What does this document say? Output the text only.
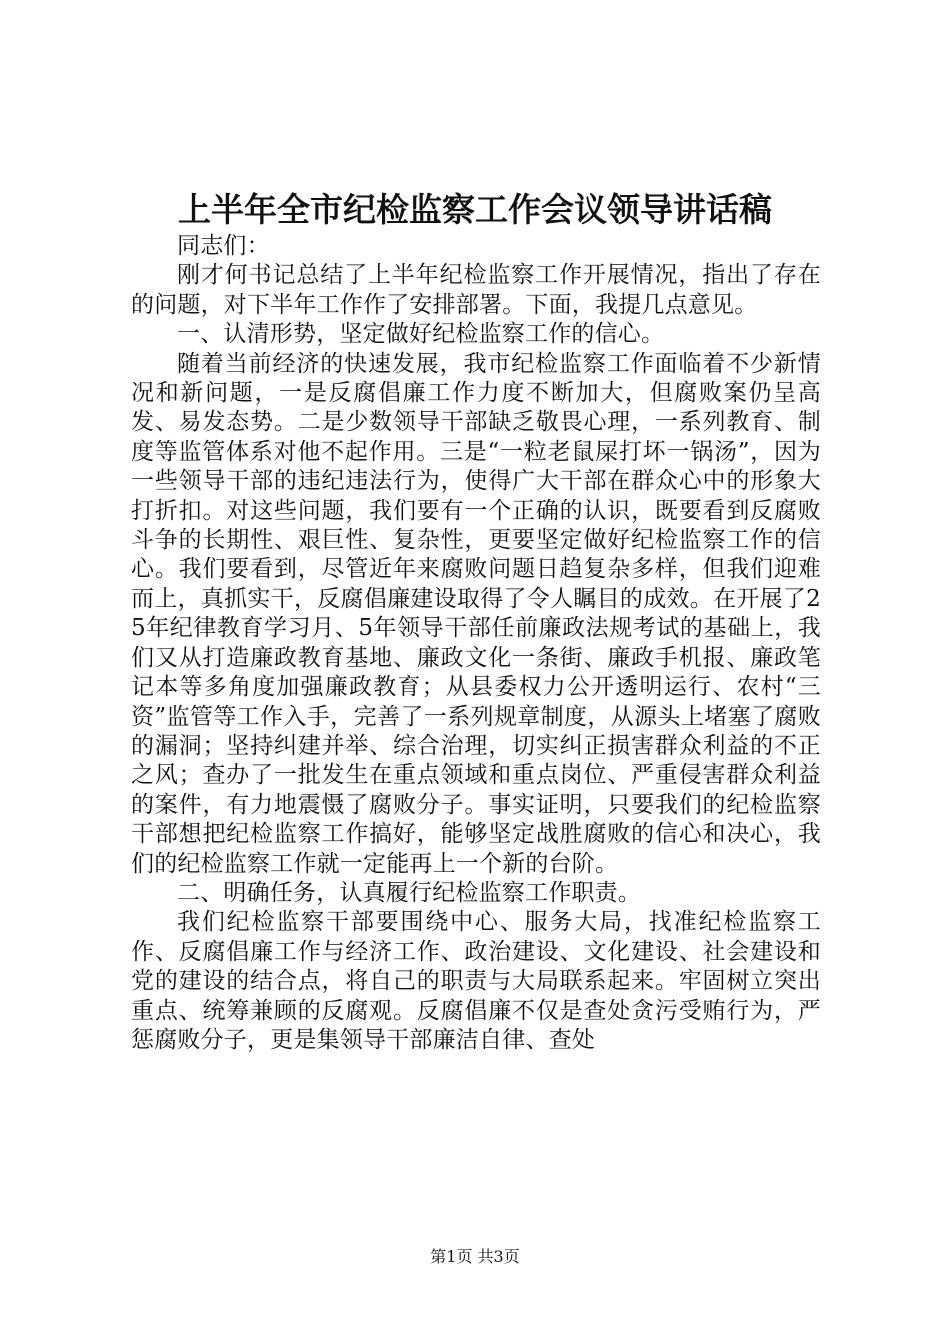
上半年全市纪检监察工作会议领导讲话稿

同志们：

刚才何书记总结了上半年纪检监察工作开展情况，指出了存在的问题，对下半年工作作了安排部署。下面，我提几点意见。

一、认清形势，坚定做好纪检监察工作的信心。

随着当前经济的快速发展，我市纪检监察工作面临着不少新情况和新问题，一是反腐倡廉工作力度不断加大，但腐败案仍呈高发、易发态势。二是少数领导干部缺乏敬畏心理，一系列教育、制度等监管体系对他不起作用。三是“一粒老鼠屎打坏一锅汤”，因为一些领导干部的违纪违法行为，使得广大干部在群众心中的形象大打折扣。对这些问题，我们要有一个正确的认识，既要看到反腐败斗争的长期性、艰巨性、复杂性，更要坚定做好纪检监察工作的信心。我们要看到，尽管近年来腐败问题日趋复杂多样，但我们迎难而上，真抓实干，反腐倡廉建设取得了令人瞩目的成效。在开展了25年纪律教育学习月、5年领导干部任前廉政法规考试的基础上，我们又从打造廉政教育基地、廉政文化一条街、廉政手机报、廉政笔记本等多角度加强廉政教育；从县委权力公开透明运行、农村“三资”监管等工作入手，完善了一系列规章制度，从源头上堵塞了腐败的漏洞；坚持纠建并举、综合治理，切实纠正损害群众利益的不正之风；查办了一批发生在重点领域和重点岗位、严重侵害群众利益的案件，有力地震慑了腐败分子。事实证明，只要我们的纪检监察干部想把纪检监察工作搞好，能够坚定战胜腐败的信心和决心，我们的纪检监察工作就一定能再上一个新的台阶。

二、明确任务，认真履行纪检监察工作职责。

我们纪检监察干部要围绕中心、服务大局，找准纪检监察工作、反腐倡廉工作与经济工作、政治建设、文化建设、社会建设和党的建设的结合点，将自己的职责与大局联系起来。牢固树立突出重点、统筹兼顾的反腐观。反腐倡廉不仅是查处贪污受贿行为，严惩腐败分子，更是集领导干部廉洁自律、查处

第1页 共3页
